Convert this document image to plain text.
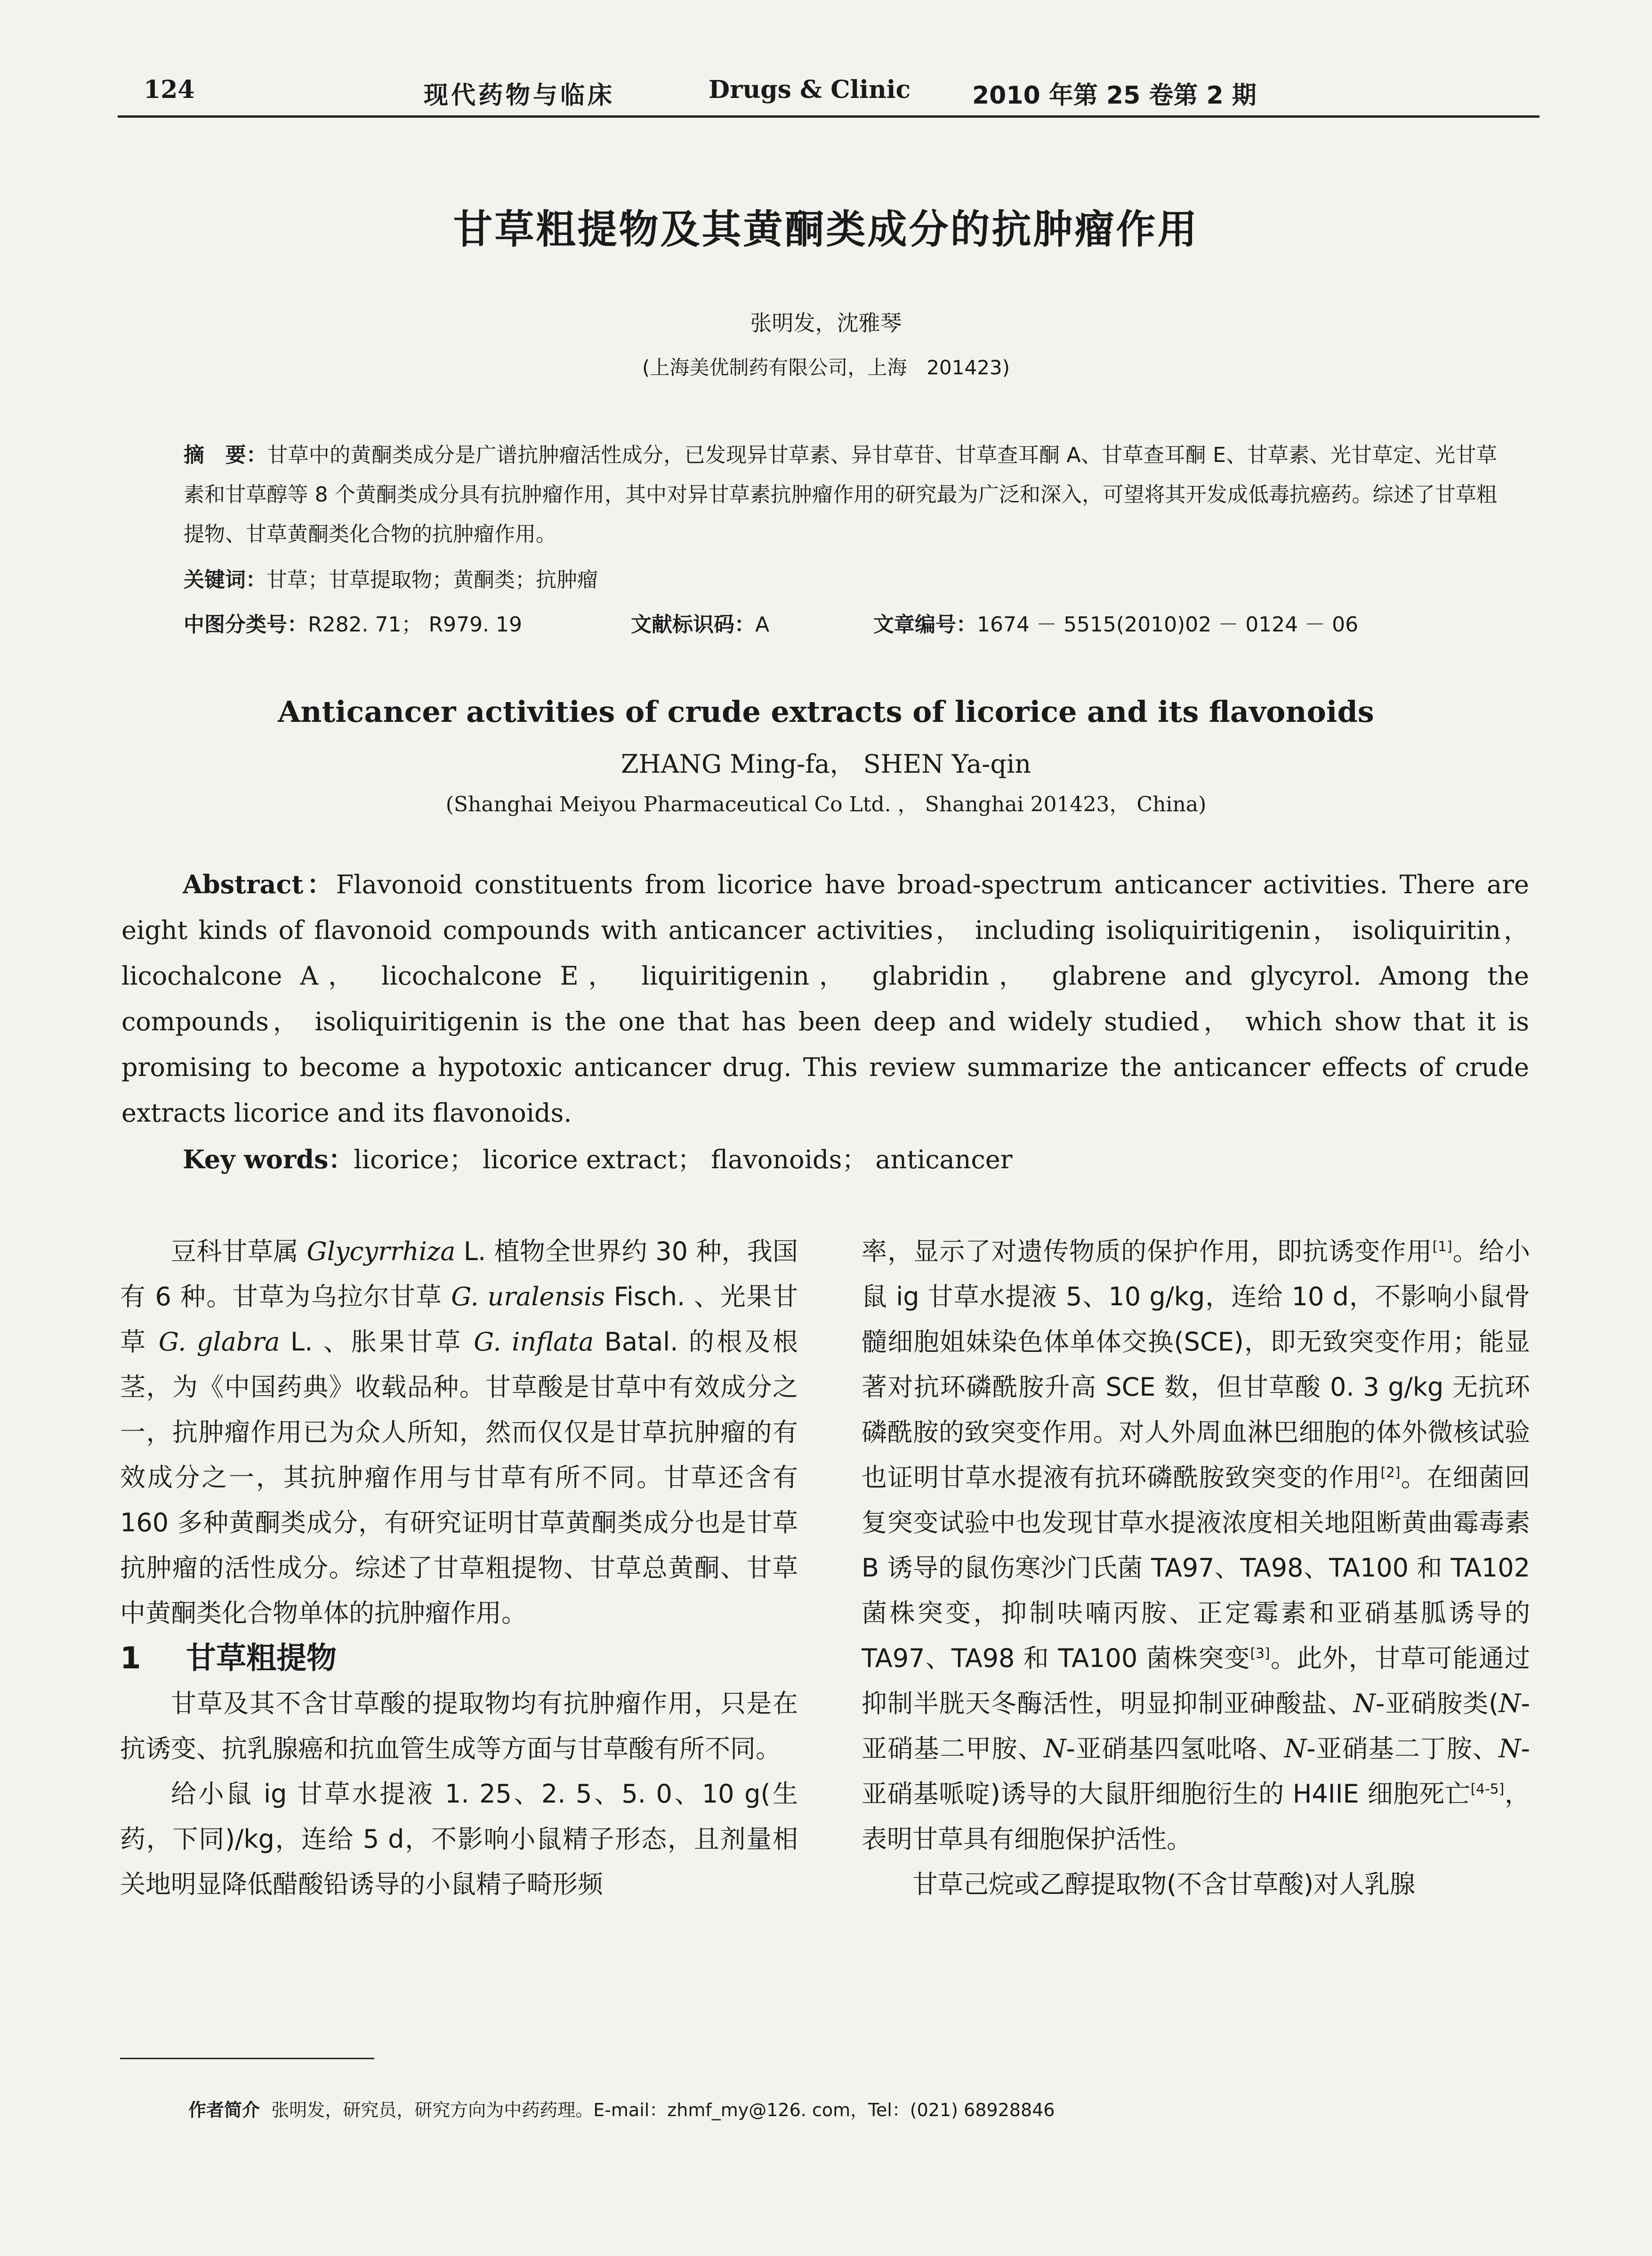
124	现代药物与临床	Drugs & Clinic	2010 年第 25 卷第 2 期
甘草粗提物及其黄酮类成分的抗肿瘤作用
张明发，沈雅琴
(上海美优制药有限公司，上海　201423)
摘　要：甘草中的黄酮类成分是广谱抗肿瘤活性成分，已发现异甘草素、异甘草苷、甘草查耳酮 A、甘草查耳酮 E、甘草素、光甘草定、光甘草素和甘草醇等 8 个黄酮类成分具有抗肿瘤作用，其中对异甘草素抗肿瘤作用的研究最为广泛和深入，可望将其开发成低毒抗癌药。综述了甘草粗提物、甘草黄酮类化合物的抗肿瘤作用。
关键词：甘草；甘草提取物；黄酮类；抗肿瘤
中图分类号：R282. 71； R979. 19	文献标识码：A	文章编号：1674 － 5515(2010)02 － 0124 － 06
Anticancer activities of crude extracts of licorice and its flavonoids
ZHANG Ming-fa， SHEN Ya-qin
(Shanghai Meiyou Pharmaceutical Co Ltd. ， Shanghai 201423， China)
Abstract：Flavonoid constituents from licorice have broad-spectrum anticancer activities. There are eight kinds of flavonoid compounds with anticancer activities， including isoliquiritigenin， isoliquiritin， licochalcone A， licochalcone E， liquiritigenin， glabridin， glabrene and glycyrol. Among the compounds， isoliquiritigenin is the one that has been deep and widely studied， which show that it is promising to become a hypotoxic anticancer drug. This review summarize the anticancer effects of crude extracts licorice and its flavonoids.
Key words：licorice； licorice extract； flavonoids； anticancer

豆科甘草属 Glycyrrhiza L. 植物全世界约 30 种，我国有 6 种。甘草为乌拉尔甘草 G. uralensis Fisch. 、光果甘草 G. glabra L. 、胀果甘草 G. inflata Batal. 的根及根茎，为《中国药典》收载品种。甘草酸是甘草中有效成分之一，抗肿瘤作用已为众人所知，然而仅仅是甘草抗肿瘤的有效成分之一，其抗肿瘤作用与甘草有所不同。甘草还含有 160 多种黄酮类成分，有研究证明甘草黄酮类成分也是甘草抗肿瘤的活性成分。综述了甘草粗提物、甘草总黄酮、甘草中黄酮类化合物单体的抗肿瘤作用。

1 甘草粗提物

甘草及其不含甘草酸的提取物均有抗肿瘤作用，只是在抗诱变、抗乳腺癌和抗血管生成等方面与甘草酸有所不同。

给小鼠 ig 甘草水提液 1. 25、2. 5、5. 0、10 g(生药，下同)/kg，连给 5 d，不影响小鼠精子形态，且剂量相关地明显降低醋酸铅诱导的小鼠精子畸形频

率，显示了对遗传物质的保护作用，即抗诱变作用[1]。给小鼠 ig 甘草水提液 5、10 g/kg，连给 10 d，不影响小鼠骨髓细胞姐妹染色体单体交换(SCE)，即无致突变作用；能显著对抗环磷酰胺升高 SCE 数，但甘草酸 0. 3 g/kg 无抗环磷酰胺的致突变作用。对人外周血淋巴细胞的体外微核试验也证明甘草水提液有抗环磷酰胺致突变的作用[2]。在细菌回复突变试验中也发现甘草水提液浓度相关地阻断黄曲霉毒素 B 诱导的鼠伤寒沙门氏菌 TA97、TA98、TA100 和 TA102 菌株突变，抑制呋喃丙胺、正定霉素和亚硝基胍诱导的 TA97、TA98 和 TA100 菌株突变[3]。此外，甘草可能通过抑制半胱天冬酶活性，明显抑制亚砷酸盐、N-亚硝胺类(N-亚硝基二甲胺、N-亚硝基四氢吡咯、N-亚硝基二丁胺、N-亚硝基哌啶)诱导的大鼠肝细胞衍生的 H4IIE 细胞死亡[4-5]，表明甘草具有细胞保护活性。

甘草己烷或乙醇提取物(不含甘草酸)对人乳腺

作者简介 张明发，研究员，研究方向为中药药理。E-mail：zhmf_my@126. com，Tel：(021) 68928846
